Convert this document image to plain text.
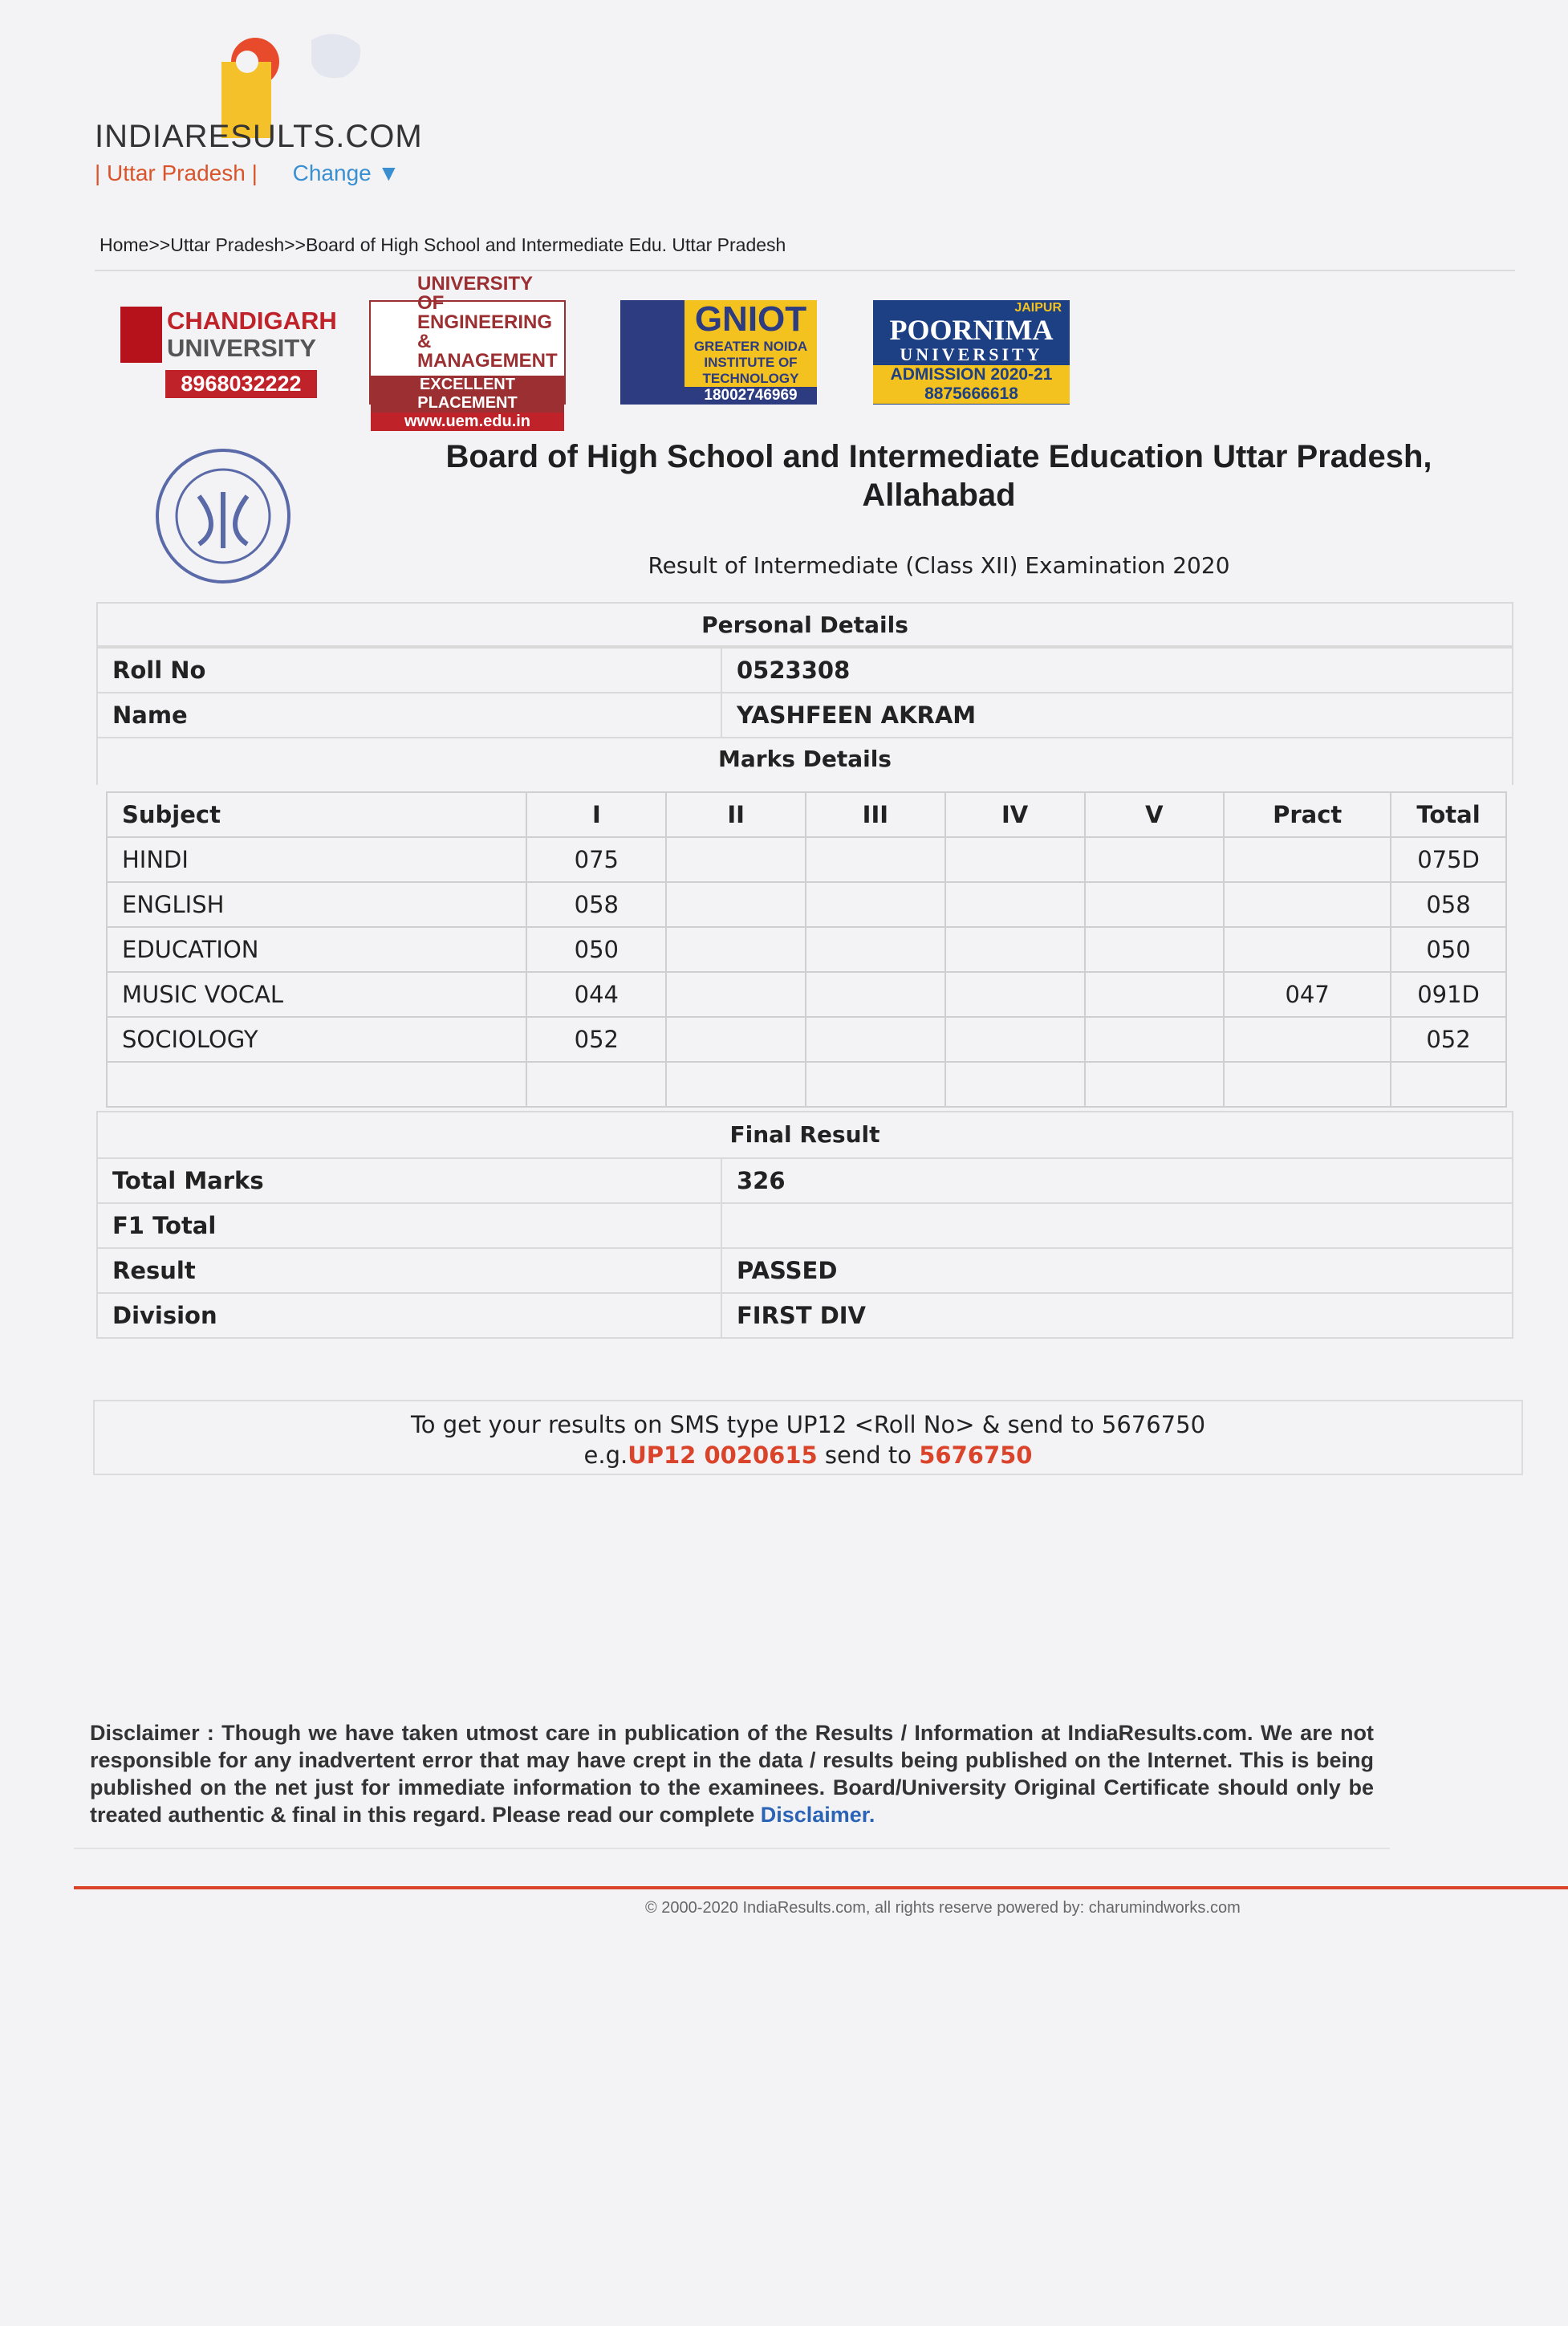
INDIARESULTS.COM
| Uttar Pradesh | Change ▼
Home>>Uttar Pradesh>>Board of High School and Intermediate Edu. Uttar Pradesh
CHANDIGARH
UNIVERSITY
8968032222
UNIVERSITY OF ENGINEERING & MANAGEMENT
EXCELLENT PLACEMENT
www.uem.edu.in
GNIOT
GREATER NOIDA INSTITUTE OF TECHNOLOGY
18002746969
JAIPUR
POORNIMA
UNIVERSITY
ADMISSION 2020-21
8875666618
Board of High School and Intermediate Education Uttar Pradesh, Allahabad
Result of Intermediate (Class XII) Examination 2020
Personal Details
Roll No	0523308
Name	YASHFEEN AKRAM
Marks Details
Subject	I	II	III	IV	V	Pract	Total
HINDI	075						075D
ENGLISH	058						058
EDUCATION	050						050
MUSIC VOCAL	044					047	091D
SOCIOLOGY	052						052

Final Result
Total Marks	326
F1 Total	
Result	PASSED
Division	FIRST DIV
To get your results on SMS type UP12 <Roll No> & send to 5676750
e.g.UP12 0020615 send to 5676750
Disclaimer : Though we have taken utmost care in publication of the Results / Information at IndiaResults.com. We are not responsible for any inadvertent error that may have crept in the data / results being published on the Internet. This is being published on the net just for immediate information to the examinees. Board/University Original Certificate should only be treated authentic & final in this regard. Please read our complete Disclaimer.
© 2000-2020 IndiaResults.com, all rights reserve powered by: charumindworks.com
